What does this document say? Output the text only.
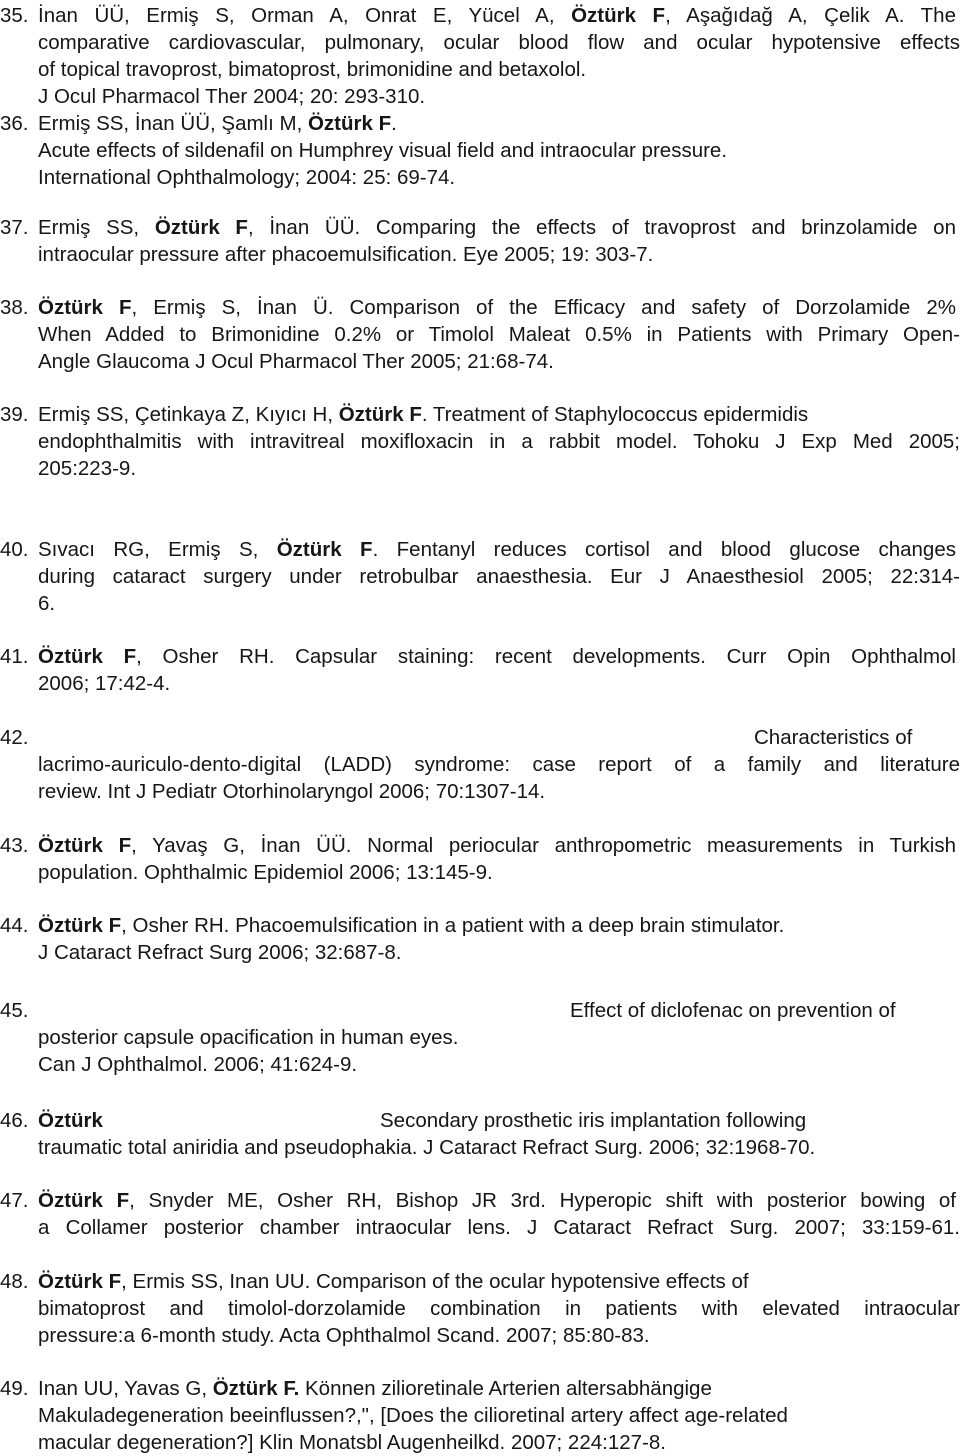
35. İnan ÜÜ, Ermiş S, Orman A, Onrat E, Yücel A, Öztürk F, Aşağıdağ A, Çelik A. The
comparative cardiovascular, pulmonary, ocular blood flow and ocular hypotensive effects
of topical travoprost, bimatoprost, brimonidine and betaxolol.
J Ocul Pharmacol Ther 2004; 20: 293-310.
36. Ermiş SS, İnan ÜÜ, Şamlı M, Öztürk F.
Acute effects of sildenafil on Humphrey visual field and intraocular pressure.
International Ophthalmology; 2004: 25: 69-74.
37. Ermiş SS, Öztürk F, İnan ÜÜ. Comparing the effects of travoprost and brinzolamide on
intraocular pressure after phacoemulsification. Eye 2005; 19: 303-7.
38. Öztürk F, Ermiş S, İnan Ü. Comparison of the Efficacy and safety of Dorzolamide 2%
When Added to Brimonidine 0.2% or Timolol Maleat 0.5% in Patients with Primary Open-
Angle Glaucoma J Ocul Pharmacol Ther 2005; 21:68-74.
39. Ermiş SS, Çetinkaya Z, Kıyıcı H, Öztürk F. Treatment of Staphylococcus epidermidis
endophthalmitis with intravitreal moxifloxacin in a rabbit model. Tohoku J Exp Med 2005;
205:223-9.
40. Sıvacı RG, Ermiş S, Öztürk F. Fentanyl reduces cortisol and blood glucose changes
during cataract surgery under retrobulbar anaesthesia. Eur J Anaesthesiol 2005; 22:314-
6.
41. Öztürk F, Osher RH. Capsular staining: recent developments. Curr Opin Ophthalmol
2006; 17:42-4.
42.	Characteristics of
lacrimo-auriculo-dento-digital (LADD) syndrome: case report of a family and literature
review. Int J Pediatr Otorhinolaryngol 2006; 70:1307-14.
43. Öztürk F, Yavaş G, İnan ÜÜ. Normal periocular anthropometric measurements in Turkish
population. Ophthalmic Epidemiol 2006; 13:145-9.
44. Öztürk F, Osher RH. Phacoemulsification in a patient with a deep brain stimulator.
J Cataract Refract Surg 2006; 32:687-8.
45.	Effect of diclofenac on prevention of
posterior capsule opacification in human eyes.
Can J Ophthalmol. 2006; 41:624-9.
46. Öztürk	Secondary prosthetic iris implantation following
traumatic total aniridia and pseudophakia. J Cataract Refract Surg. 2006; 32:1968-70.
47. Öztürk F, Snyder ME, Osher RH, Bishop JR 3rd. Hyperopic shift with posterior bowing of
a Collamer posterior chamber intraocular lens. J Cataract Refract Surg. 2007; 33:159-61.
48. Öztürk F, Ermis SS, Inan UU. Comparison of the ocular hypotensive effects of
bimatoprost and timolol-dorzolamide combination in patients with elevated intraocular
pressure:a 6-month study. Acta Ophthalmol Scand. 2007; 85:80-83.
49. Inan UU, Yavas G, Öztürk F. Können zilioretinale Arterien altersabhängige
Makuladegeneration beeinflussen?,", [Does the cilioretinal artery affect age-related
macular degeneration?] Klin Monatsbl Augenheilkd. 2007; 224:127-8.
